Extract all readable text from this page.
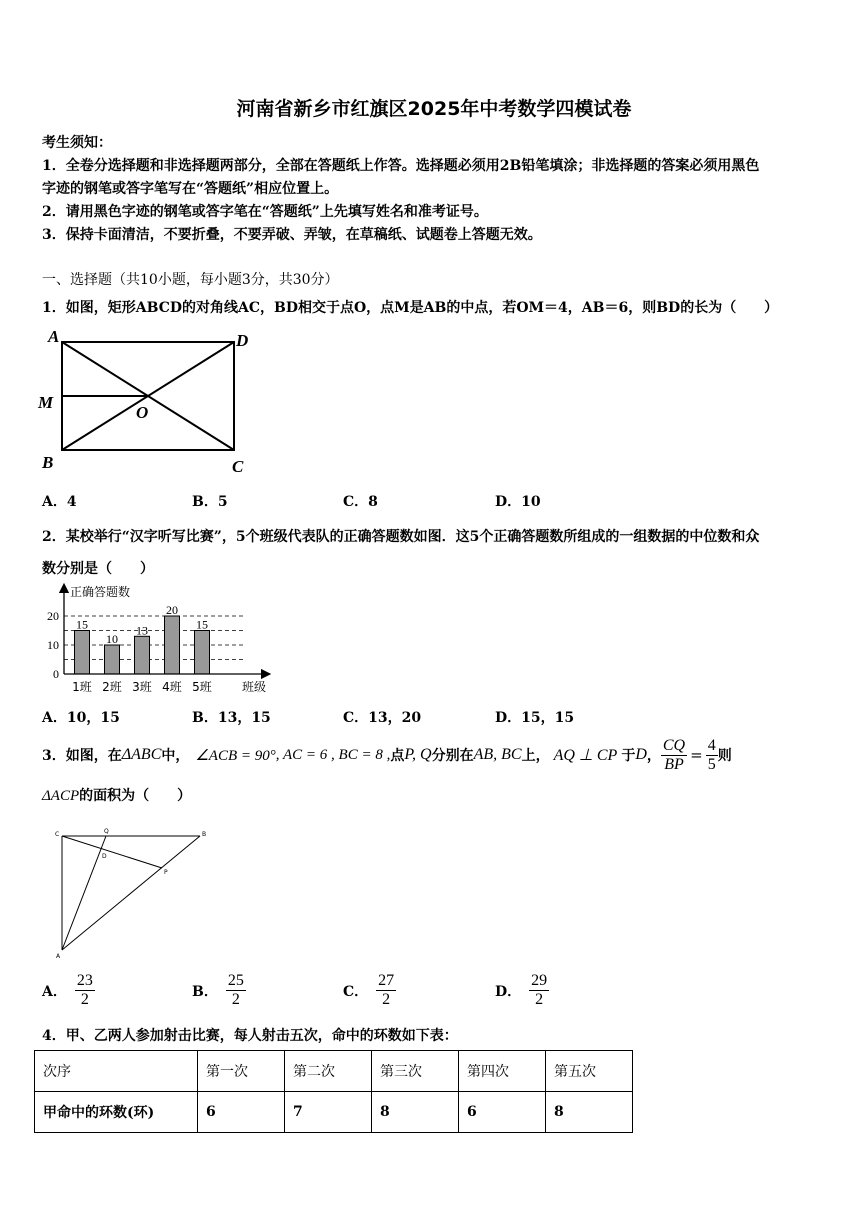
河南省新乡市红旗区2025年中考数学四模试卷
考生须知：
1．全卷分选择题和非选择题两部分，全部在答题纸上作答。选择题必须用2B铅笔填涂；非选择题的答案必须用黑色
字迹的钢笔或答字笔写在“答题纸”相应位置上。
2．请用黑色字迹的钢笔或答字笔在“答题纸”上先填写姓名和准考证号。
3．保持卡面清洁，不要折叠，不要弄破、弄皱，在草稿纸、试题卷上答题无效。
一、选择题（共10小题，每小题3分，共30分）
1．如图，矩形ABCD的对角线AC，BD相交于点O，点M是AB的中点，若OM＝4，AB＝6，则BD的长为（　　）
A	D
M
O
B	C
A．4	B．5	C．8	D．10
2．某校举行“汉字听写比赛”，5个班级代表队的正确答题数如图．这5个正确答题数所组成的一组数据的中位数和众
数分别是（　　）
15
10
13
20
15
正确答题数
班级
1班 2班 3班 4班 5班
0
10
20
A．10，15	B．13，15	C．13，20	D．15，15
3．如图，在 ΔABC 中， ∠ACB = 90° , AC = 6 , BC = 8 , 点 P, Q 分别在 AB, BC 上， AQ ⊥ CP 于 D ， $\frac{CQ}{BP} = \frac{4}{5}$ 则
ΔACP的面积为（　　）
C	Q	B
D
P
A
A． $\frac{23}{2}$	B． $\frac{25}{2}$	C． $\frac{27}{2}$	D． $\frac{29}{2}$
4．甲、乙两人参加射击比赛，每人射击五次，命中的环数如下表：
次序	第一次	第二次	第三次	第四次	第五次
甲命中的环数(环)	6	7	8	6	8
